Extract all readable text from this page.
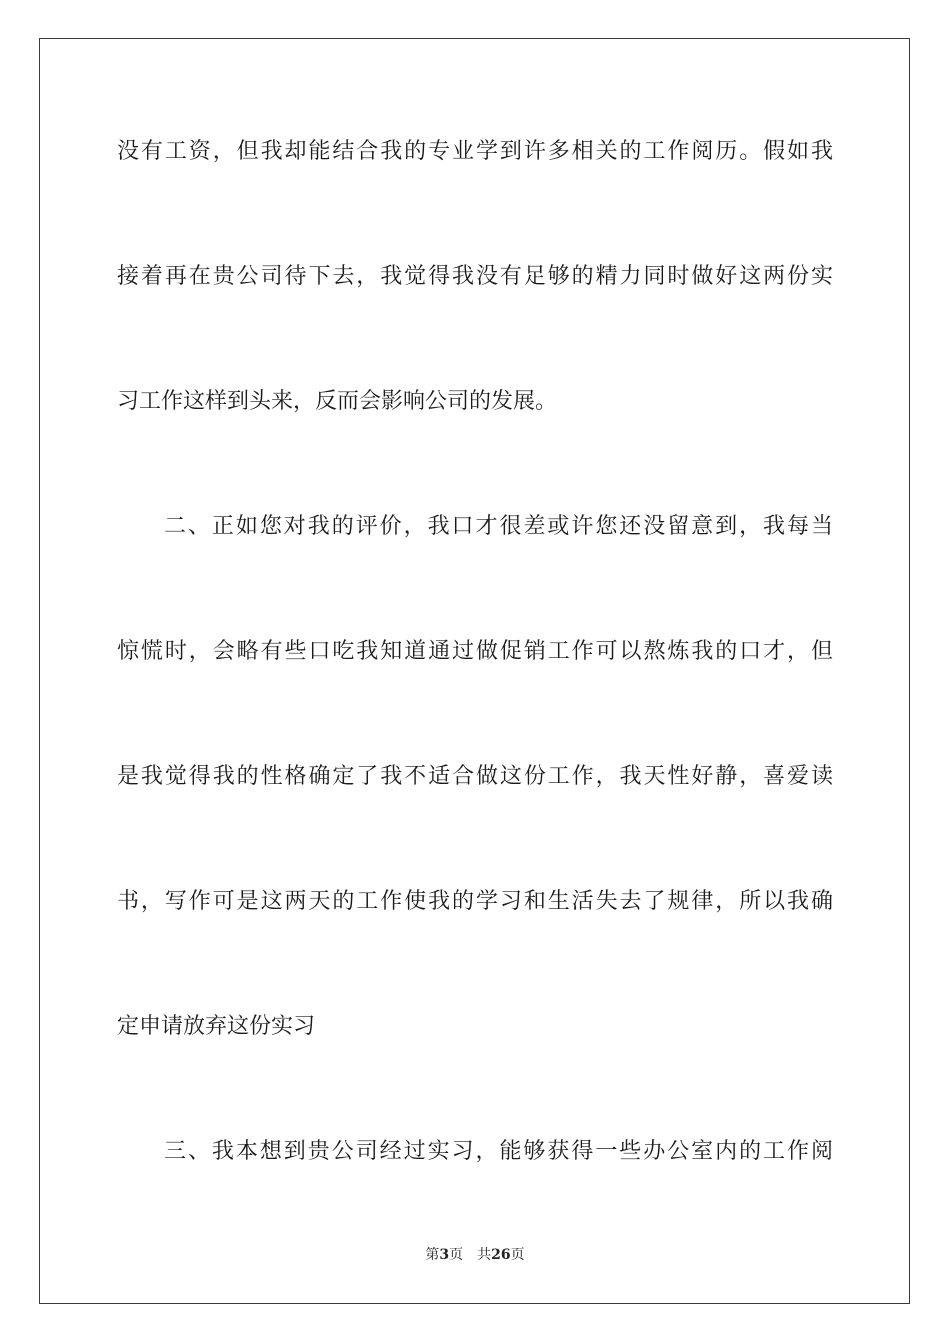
没有工资，但我却能结合我的专业学到许多相关的工作阅历。假如我
接着再在贵公司待下去，我觉得我没有足够的精力同时做好这两份实
习工作这样到头来，反而会影响公司的发展。
二、正如您对我的评价，我口才很差或许您还没留意到，我每当
惊慌时，会略有些口吃我知道通过做促销工作可以熬炼我的口才，但
是我觉得我的性格确定了我不适合做这份工作，我天性好静，喜爱读
书，写作可是这两天的工作使我的学习和生活失去了规律，所以我确
定申请放弃这份实习
三、我本想到贵公司经过实习，能够获得一些办公室内的工作阅
第3页 共26页
